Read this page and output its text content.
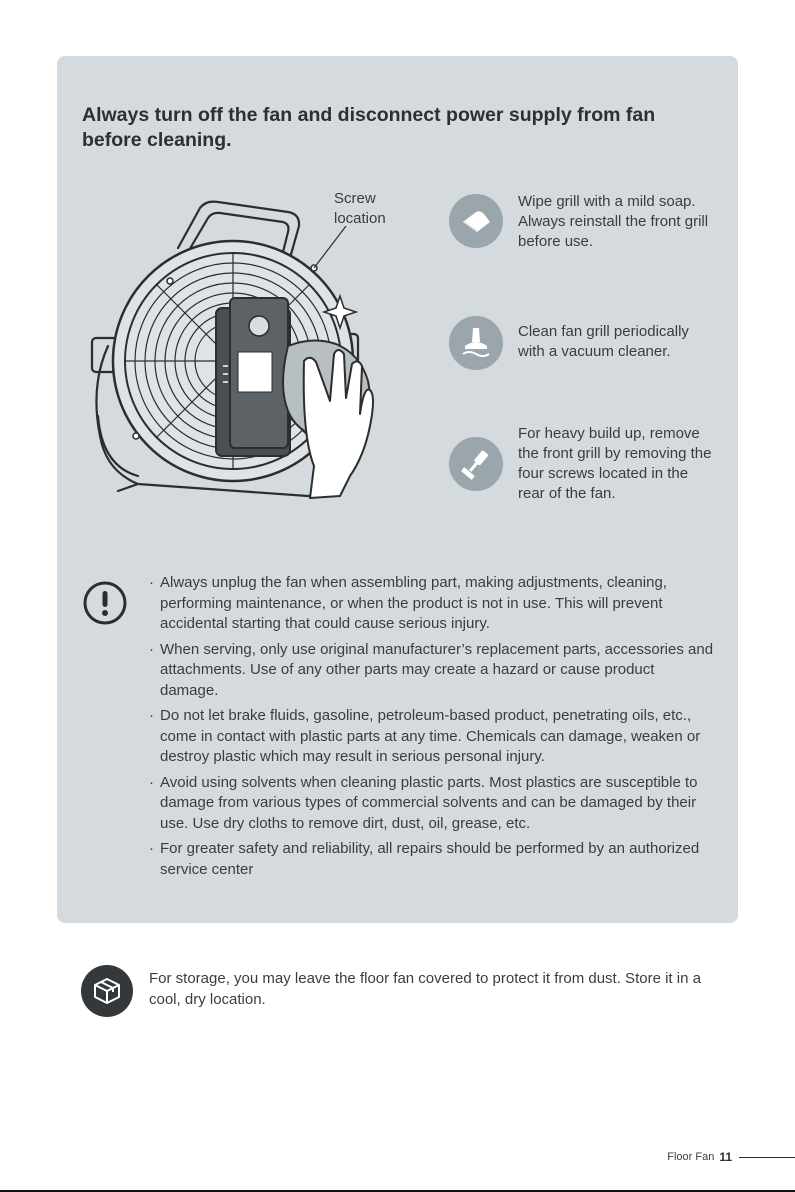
Always turn off the fan and disconnect power supply from fan before cleaning.
Screw
location
Wipe grill with a mild soap. Always reinstall the front grill before use.
Clean fan grill periodically with a vacuum cleaner.
For heavy build up, remove the front grill by removing the four screws located in the rear of the fan.
· Always unplug the fan when assembling part, making adjustments, cleaning, performing maintenance, or when the product is not in use. This will prevent accidental starting that could cause serious injury.
· When serving, only use original manufacturer’s replacement parts, accessories and attachments. Use of any other parts may create a hazard or cause product damage.
· Do not let brake fluids, gasoline, petroleum-based product, penetrating oils, etc., come in contact with plastic parts at any time. Chemicals can damage, weaken or destroy plastic which may result in serious personal injury.
· Avoid using solvents when cleaning plastic parts. Most plastics are susceptible to damage from various types of commercial solvents and can be damaged by their use. Use dry cloths to remove dirt, dust, oil, grease, etc.
· For greater safety and reliability, all repairs should be performed by an authorized service center
For storage, you may leave the floor fan covered to protect it from dust. Store it in a cool, dry location.
Floor Fan 11
